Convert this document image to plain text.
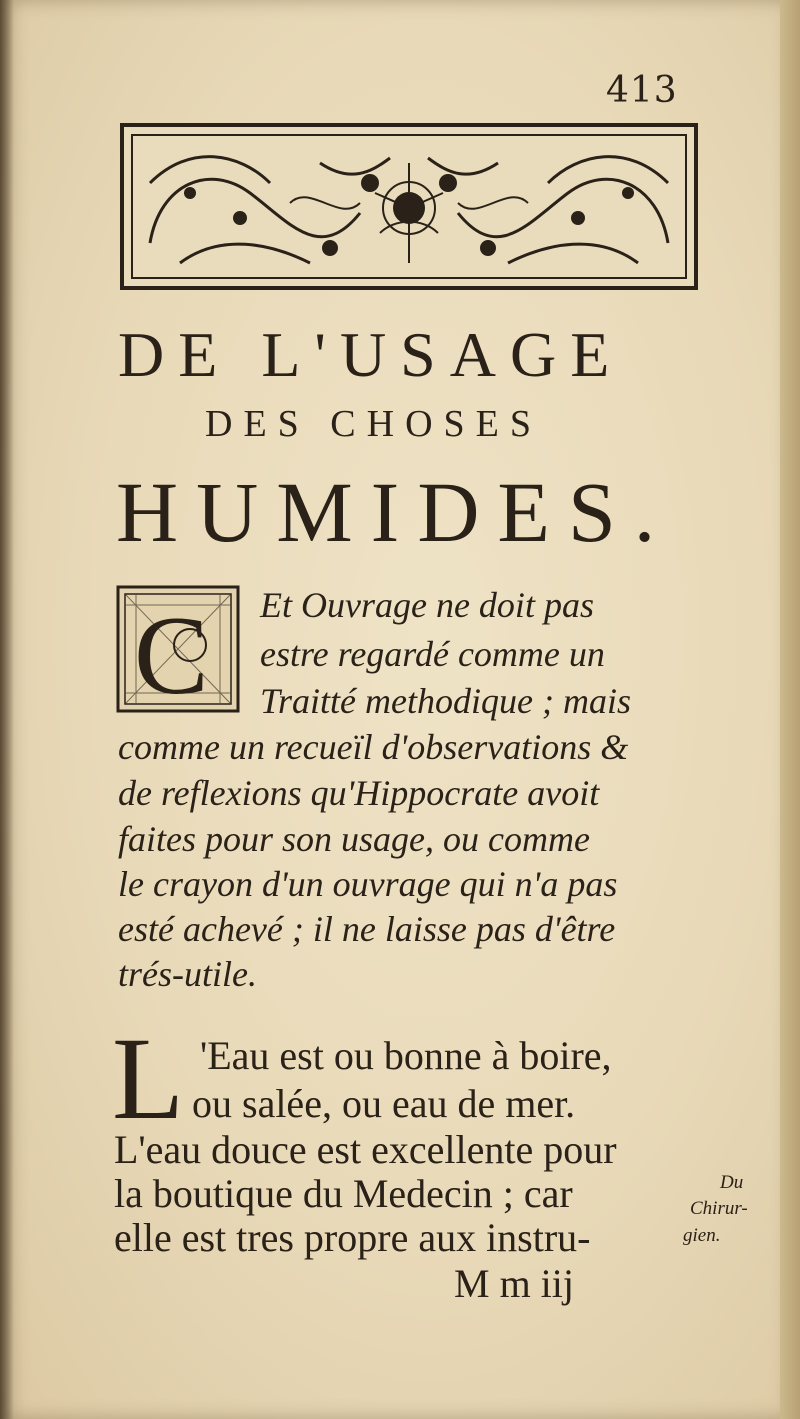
413
DE L'USAGE
DES CHOSES
HUMIDES.
C Et Ouvrage ne doit pas
estre regardé comme un
Traitté methodique ; mais
comme un recueïl d'observations &
de reflexions qu'Hippocrate avoit
faites pour son usage, ou comme
le crayon d'un ouvrage qui n'a pas
esté achevé ; il ne laisse pas d'être
trés-utile.
L 'Eau est ou bonne à boire,
ou salée, ou eau de mer.
L'eau douce est excellente pour
la boutique du Medecin ; car
elle est tres propre aux instru-
Du
Chirur-
gien.
M m iij
